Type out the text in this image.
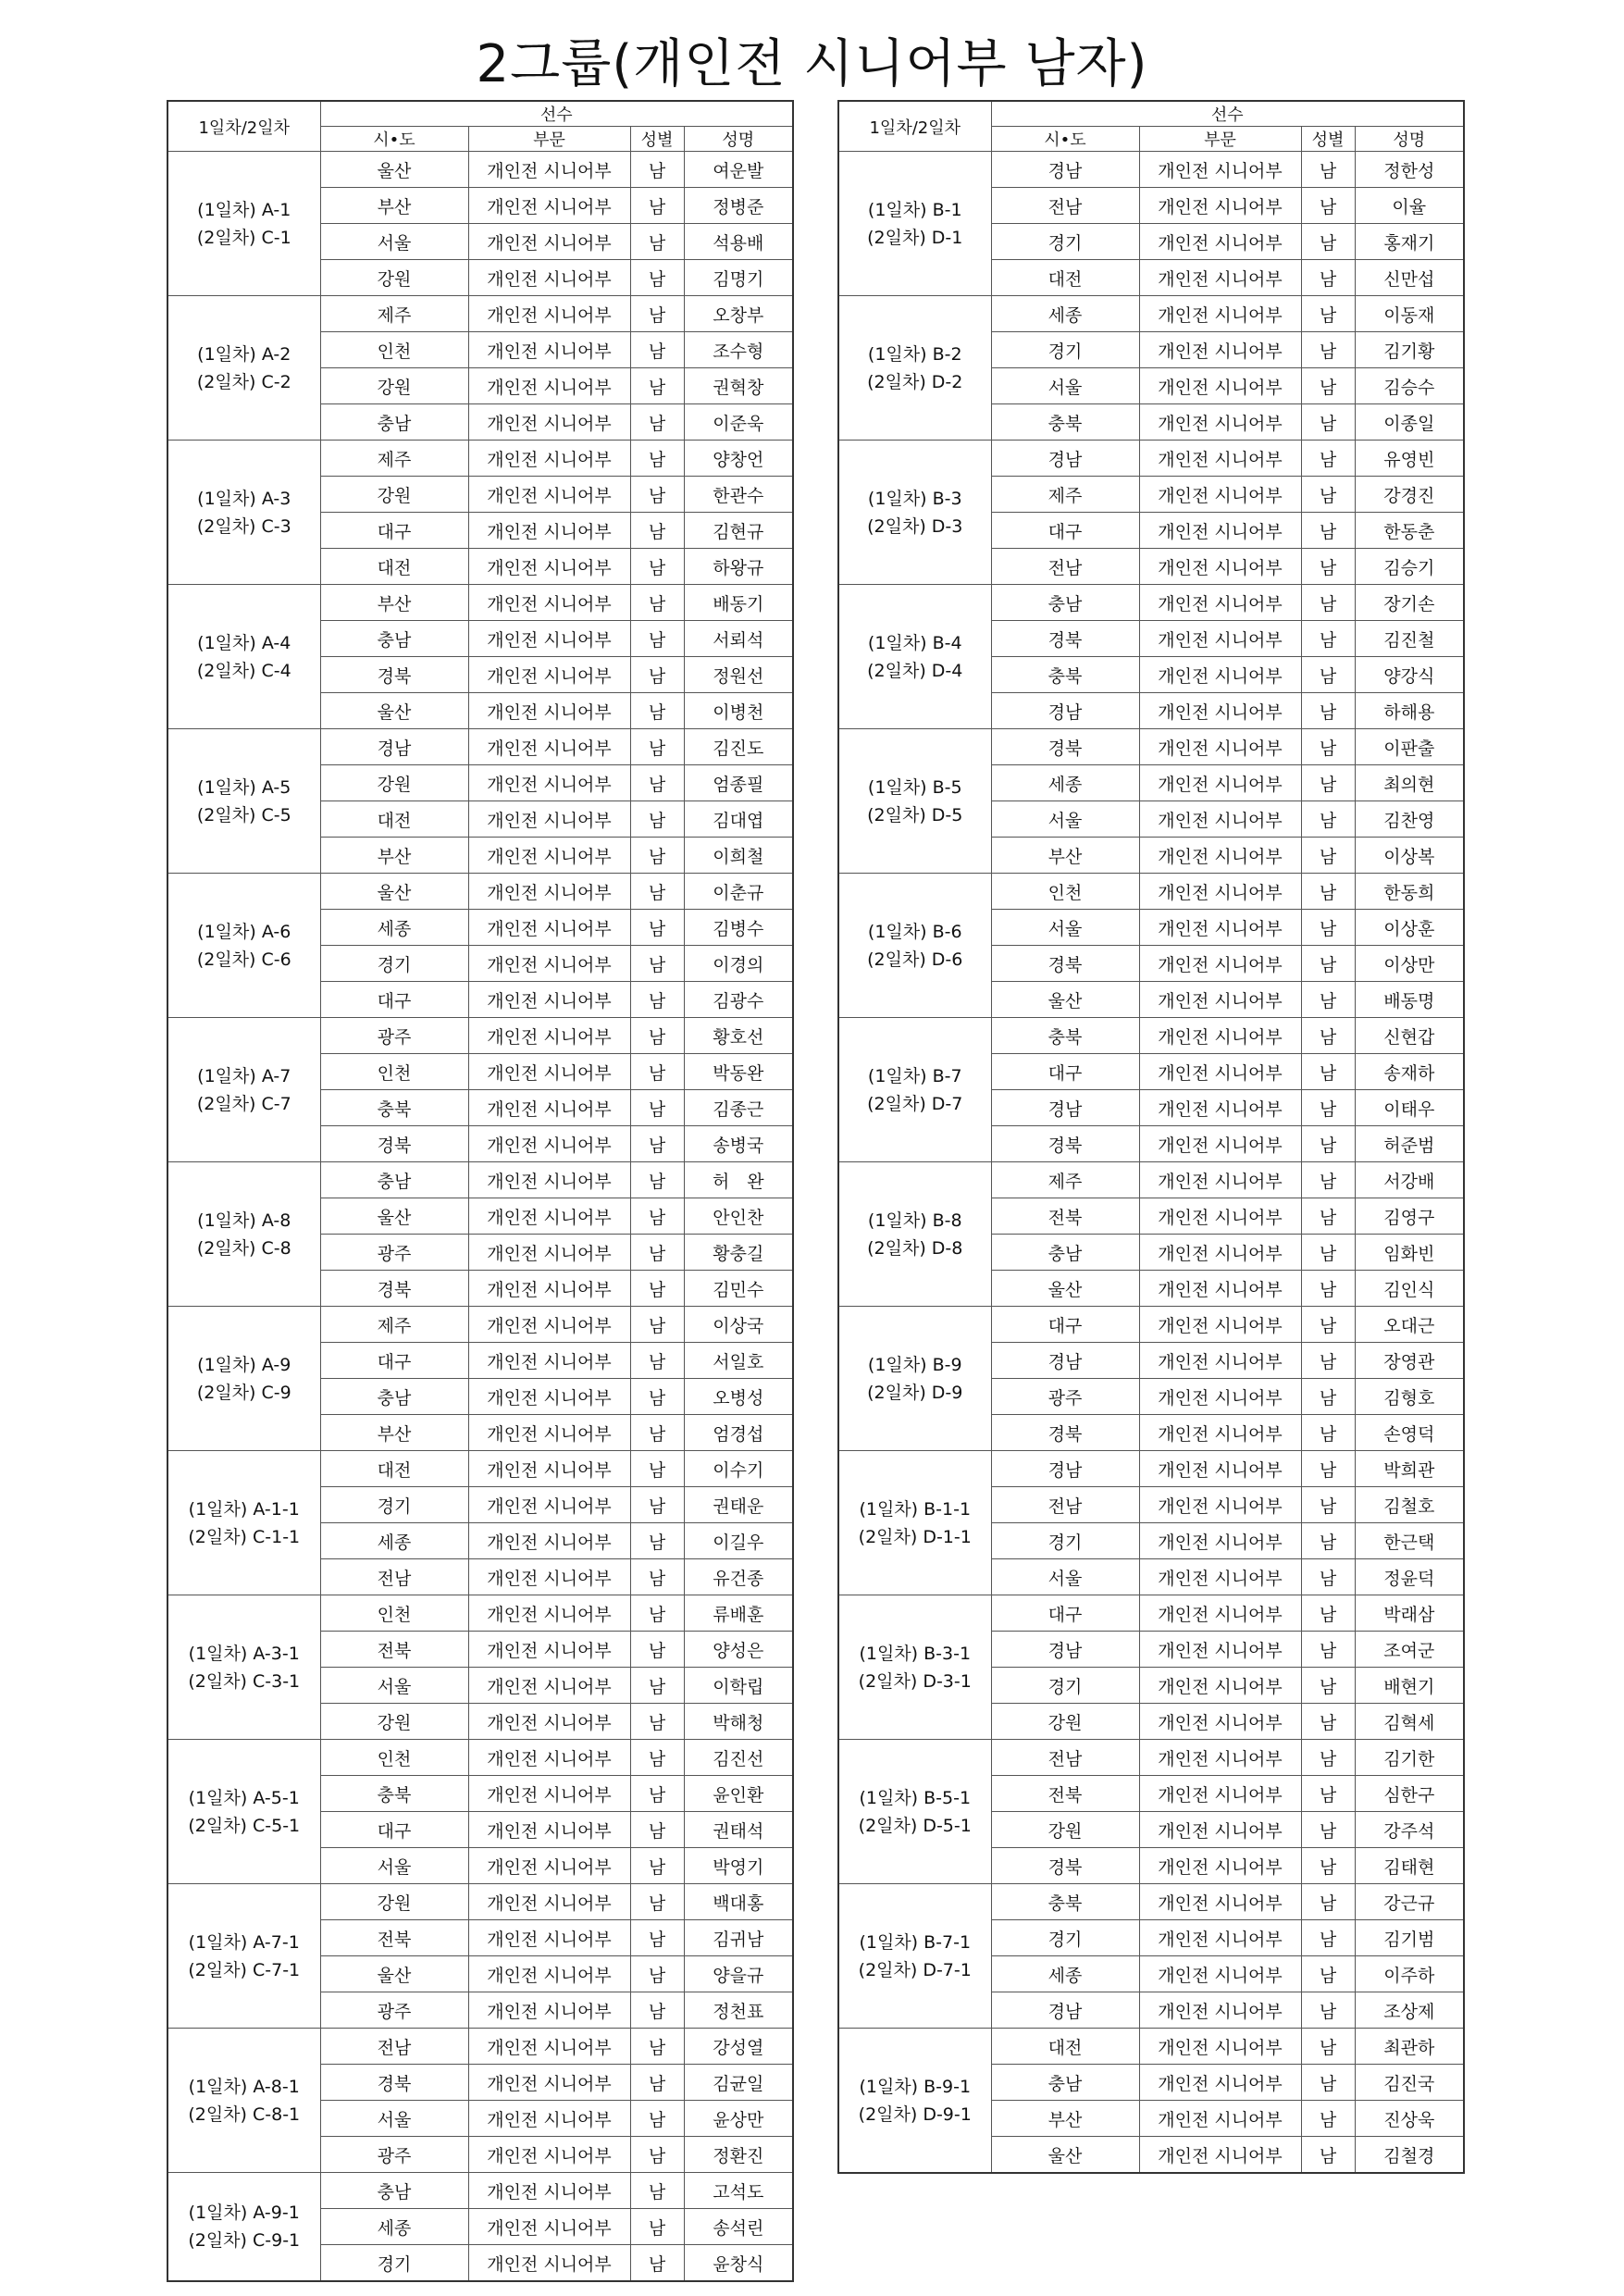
2그룹(개인전 시니어부 남자)
1일차/2일차	선수			
	시•도	부문	성별	성명

(1일차) A-1
(2일차) C-1	울산	개인전 시니어부	남	여운발
	부산	개인전 시니어부	남	정병준
	서울	개인전 시니어부	남	석용배
	강원	개인전 시니어부	남	김명기

(1일차) A-2
(2일차) C-2	제주	개인전 시니어부	남	오창부
	인천	개인전 시니어부	남	조수형
	강원	개인전 시니어부	남	권혁창
	충남	개인전 시니어부	남	이준욱

(1일차) A-3
(2일차) C-3	제주	개인전 시니어부	남	양창언
	강원	개인전 시니어부	남	한관수
	대구	개인전 시니어부	남	김현규
	대전	개인전 시니어부	남	하왕규

(1일차) A-4
(2일차) C-4	부산	개인전 시니어부	남	배동기
	충남	개인전 시니어부	남	서뢰석
	경북	개인전 시니어부	남	정원선
	울산	개인전 시니어부	남	이병천

(1일차) A-5
(2일차) C-5	경남	개인전 시니어부	남	김진도
	강원	개인전 시니어부	남	엄종필
	대전	개인전 시니어부	남	김대엽
	부산	개인전 시니어부	남	이희철

(1일차) A-6
(2일차) C-6	울산	개인전 시니어부	남	이춘규
	세종	개인전 시니어부	남	김병수
	경기	개인전 시니어부	남	이경의
	대구	개인전 시니어부	남	김광수

(1일차) A-7
(2일차) C-7	광주	개인전 시니어부	남	황호선
	인천	개인전 시니어부	남	박동완
	충북	개인전 시니어부	남	김종근
	경북	개인전 시니어부	남	송병국

(1일차) A-8
(2일차) C-8	충남	개인전 시니어부	남	허　완
	울산	개인전 시니어부	남	안인찬
	광주	개인전 시니어부	남	황충길
	경북	개인전 시니어부	남	김민수

(1일차) A-9
(2일차) C-9	제주	개인전 시니어부	남	이상국
	대구	개인전 시니어부	남	서일호
	충남	개인전 시니어부	남	오병성
	부산	개인전 시니어부	남	엄경섭

(1일차) A-1-1
(2일차) C-1-1	대전	개인전 시니어부	남	이수기
	경기	개인전 시니어부	남	권태운
	세종	개인전 시니어부	남	이길우
	전남	개인전 시니어부	남	유건종

(1일차) A-3-1
(2일차) C-3-1	인천	개인전 시니어부	남	류배훈
	전북	개인전 시니어부	남	양성은
	서울	개인전 시니어부	남	이학립
	강원	개인전 시니어부	남	박해청

(1일차) A-5-1
(2일차) C-5-1	인천	개인전 시니어부	남	김진선
	충북	개인전 시니어부	남	윤인환
	대구	개인전 시니어부	남	권태석
	서울	개인전 시니어부	남	박영기

(1일차) A-7-1
(2일차) C-7-1	강원	개인전 시니어부	남	백대홍
	전북	개인전 시니어부	남	김귀남
	울산	개인전 시니어부	남	양을규
	광주	개인전 시니어부	남	정천표

(1일차) A-8-1
(2일차) C-8-1	전남	개인전 시니어부	남	강성열
	경북	개인전 시니어부	남	김균일
	서울	개인전 시니어부	남	윤상만
	광주	개인전 시니어부	남	정환진

(1일차) A-9-1
(2일차) C-9-1	충남	개인전 시니어부	남	고석도
	세종	개인전 시니어부	남	송석린
	경기	개인전 시니어부	남	윤창식
1일차/2일차	선수			
	시•도	부문	성별	성명

(1일차) B-1
(2일차) D-1	경남	개인전 시니어부	남	정한성
	전남	개인전 시니어부	남	이율
	경기	개인전 시니어부	남	홍재기
	대전	개인전 시니어부	남	신만섭

(1일차) B-2
(2일차) D-2	세종	개인전 시니어부	남	이동재
	경기	개인전 시니어부	남	김기황
	서울	개인전 시니어부	남	김승수
	충북	개인전 시니어부	남	이종일

(1일차) B-3
(2일차) D-3	경남	개인전 시니어부	남	유영빈
	제주	개인전 시니어부	남	강경진
	대구	개인전 시니어부	남	한동춘
	전남	개인전 시니어부	남	김승기

(1일차) B-4
(2일차) D-4	충남	개인전 시니어부	남	장기손
	경북	개인전 시니어부	남	김진철
	충북	개인전 시니어부	남	양강식
	경남	개인전 시니어부	남	하해용

(1일차) B-5
(2일차) D-5	경북	개인전 시니어부	남	이판출
	세종	개인전 시니어부	남	최의현
	서울	개인전 시니어부	남	김찬영
	부산	개인전 시니어부	남	이상복

(1일차) B-6
(2일차) D-6	인천	개인전 시니어부	남	한동희
	서울	개인전 시니어부	남	이상훈
	경북	개인전 시니어부	남	이상만
	울산	개인전 시니어부	남	배동명

(1일차) B-7
(2일차) D-7	충북	개인전 시니어부	남	신현갑
	대구	개인전 시니어부	남	송재하
	경남	개인전 시니어부	남	이태우
	경북	개인전 시니어부	남	허준범

(1일차) B-8
(2일차) D-8	제주	개인전 시니어부	남	서강배
	전북	개인전 시니어부	남	김영구
	충남	개인전 시니어부	남	임화빈
	울산	개인전 시니어부	남	김인식

(1일차) B-9
(2일차) D-9	대구	개인전 시니어부	남	오대근
	경남	개인전 시니어부	남	장영관
	광주	개인전 시니어부	남	김형호
	경북	개인전 시니어부	남	손영덕

(1일차) B-1-1
(2일차) D-1-1	경남	개인전 시니어부	남	박희관
	전남	개인전 시니어부	남	김철호
	경기	개인전 시니어부	남	한근택
	서울	개인전 시니어부	남	정윤덕

(1일차) B-3-1
(2일차) D-3-1	대구	개인전 시니어부	남	박래삼
	경남	개인전 시니어부	남	조여군
	경기	개인전 시니어부	남	배현기
	강원	개인전 시니어부	남	김혁세

(1일차) B-5-1
(2일차) D-5-1	전남	개인전 시니어부	남	김기한
	전북	개인전 시니어부	남	심한구
	강원	개인전 시니어부	남	강주석
	경북	개인전 시니어부	남	김태현

(1일차) B-7-1
(2일차) D-7-1	충북	개인전 시니어부	남	강근규
	경기	개인전 시니어부	남	김기범
	세종	개인전 시니어부	남	이주하
	경남	개인전 시니어부	남	조상제

(1일차) B-9-1
(2일차) D-9-1	대전	개인전 시니어부	남	최관하
	충남	개인전 시니어부	남	김진국
	부산	개인전 시니어부	남	진상욱
	울산	개인전 시니어부	남	김철경
